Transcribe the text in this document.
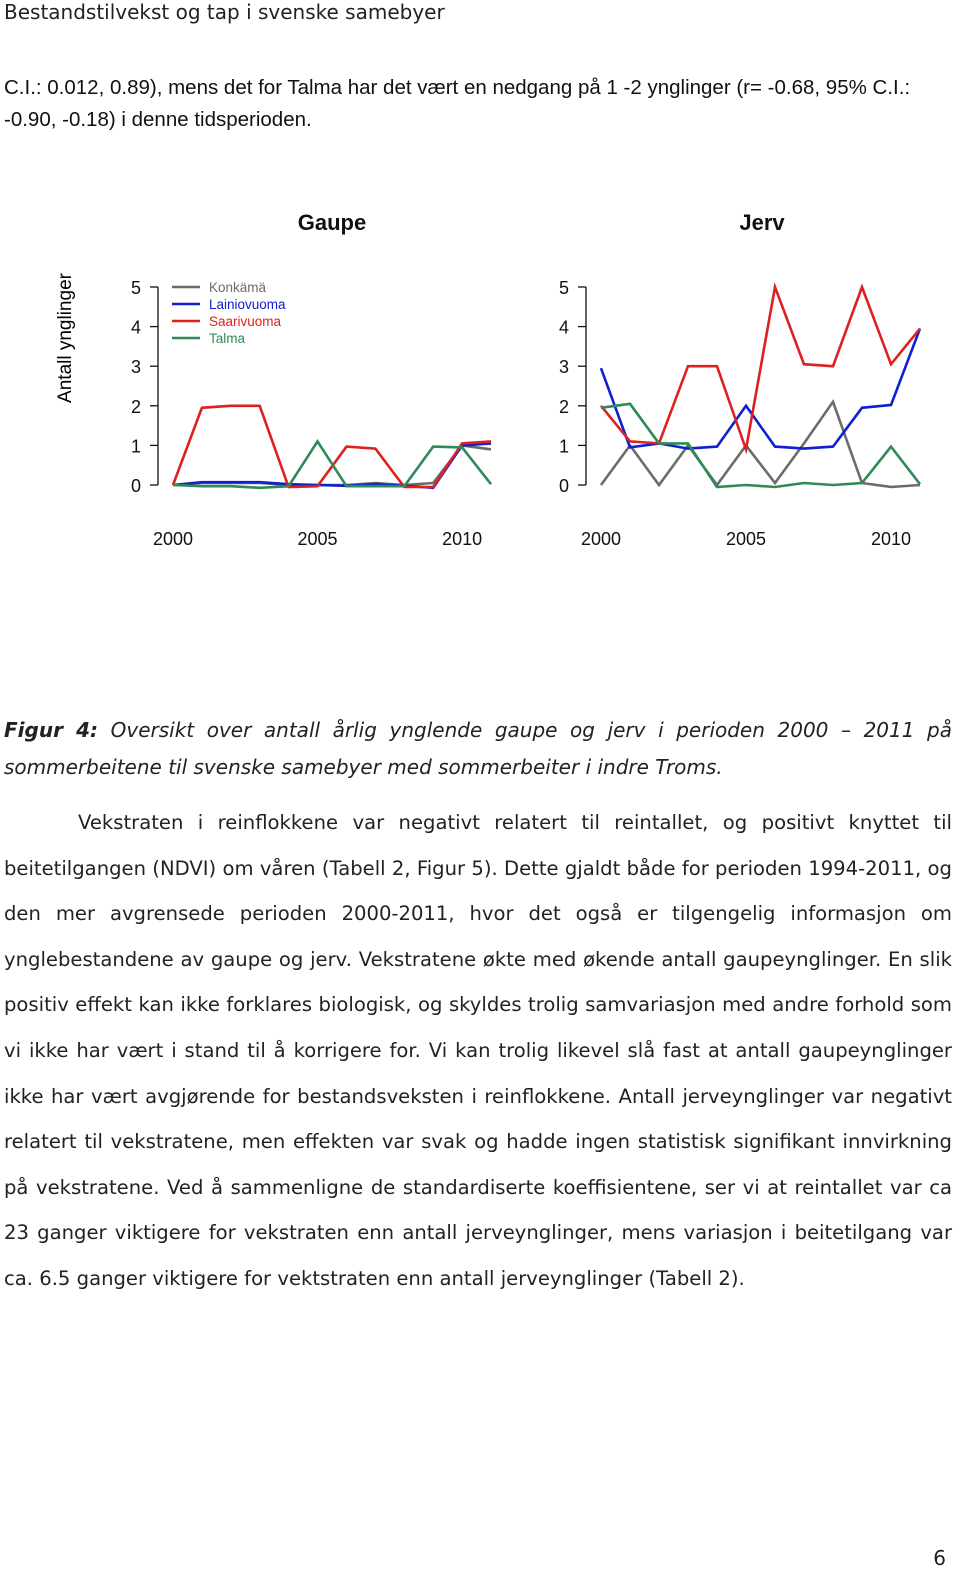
Bestandstilvekst og tap i svenske samebyer

C.I.: 0.012, 0.89), mens det for Talma har det vært en nedgang på 1 -2 ynglinger (r= -0.68, 95% C.I.: -0.90, -0.18) i denne tidsperioden.

Antall ynglinger
Gaupe
0
1
2
3
4
5
2000	2005	2010
Konkämä
Lainiovuoma
Saarivuoma
Talma
Jerv
0
1
2
3
4
5
2000	2005	2010
Figur 4: Oversikt over antall årlig ynglende gaupe og jerv i perioden 2000 – 2011 på sommerbeitene til svenske samebyer med sommerbeiter i indre Troms.

Vekstraten i reinflokkene var negativt relatert til reintallet, og positivt knyttet til beitetilgangen (NDVI) om våren (Tabell 2, Figur 5). Dette gjaldt både for perioden 1994-2011, og den mer avgrensede perioden 2000-2011, hvor det også er tilgengelig informasjon om ynglebestandene av gaupe og jerv. Vekstratene økte med økende antall gaupeynglinger. En slik positiv effekt kan ikke forklares biologisk, og skyldes trolig samvariasjon med andre forhold som vi ikke har vært i stand til å korrigere for. Vi kan trolig likevel slå fast at antall gaupeynglinger ikke har vært avgjørende for bestandsveksten i reinflokkene. Antall jerveynglinger var negativt relatert til vekstratene, men effekten var svak og hadde ingen statistisk signifikant innvirkning på vekstratene. Ved å sammenligne de standardiserte koeffisientene, ser vi at reintallet var ca 23 ganger viktigere for vekstraten enn antall jerveynglinger, mens variasjon i beitetilgang var ca. 6.5 ganger viktigere for vektstraten enn antall jerveynglinger (Tabell 2).

6
